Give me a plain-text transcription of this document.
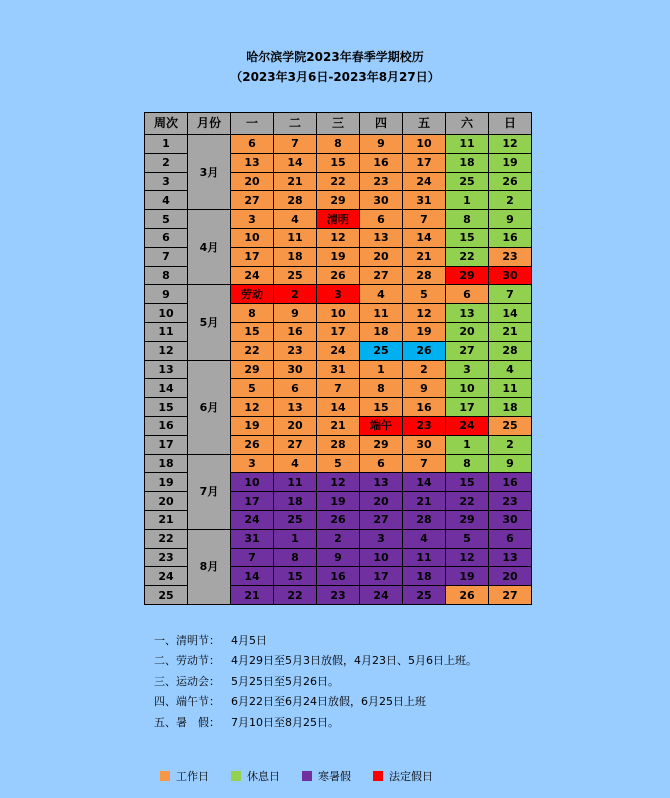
哈尔滨学院2023年春季学期校历
（2023年3月6日-2023年8月27日）
周次	月份	一	二	三	四	五	六	日
1	3月	6	7	8	9	10	11	12
2		13	14	15	16	17	18	19
3		20	21	22	23	24	25	26
4		27	28	29	30	31	1	2
5	4月	3	4	清明	6	7	8	9
6		10	11	12	13	14	15	16
7		17	18	19	20	21	22	23
8		24	25	26	27	28	29	30
9	5月	劳动	2	3	4	5	6	7
10		8	9	10	11	12	13	14
11		15	16	17	18	19	20	21
12		22	23	24	25	26	27	28
13	6月	29	30	31	1	2	3	4
14		5	6	7	8	9	10	11
15		12	13	14	15	16	17	18
16		19	20	21	端午	23	24	25
17		26	27	28	29	30	1	2
18	7月	3	4	5	6	7	8	9
19		10	11	12	13	14	15	16
20		17	18	19	20	21	22	23
21		24	25	26	27	28	29	30
22	8月	31	1	2	3	4	5	6
23		7	8	9	10	11	12	13
24		14	15	16	17	18	19	20
25		21	22	23	24	25	26	27
一、清明节： 4月5日
二、劳动节： 4月29日至5月3日放假，4月23日、5月6日上班。
三、运动会： 5月25日至5月26日。
四、端午节： 6月22日至6月24日放假，6月25日上班
五、暑　假： 7月10日至8月25日。
工作日	休息日	寒暑假	法定假日
